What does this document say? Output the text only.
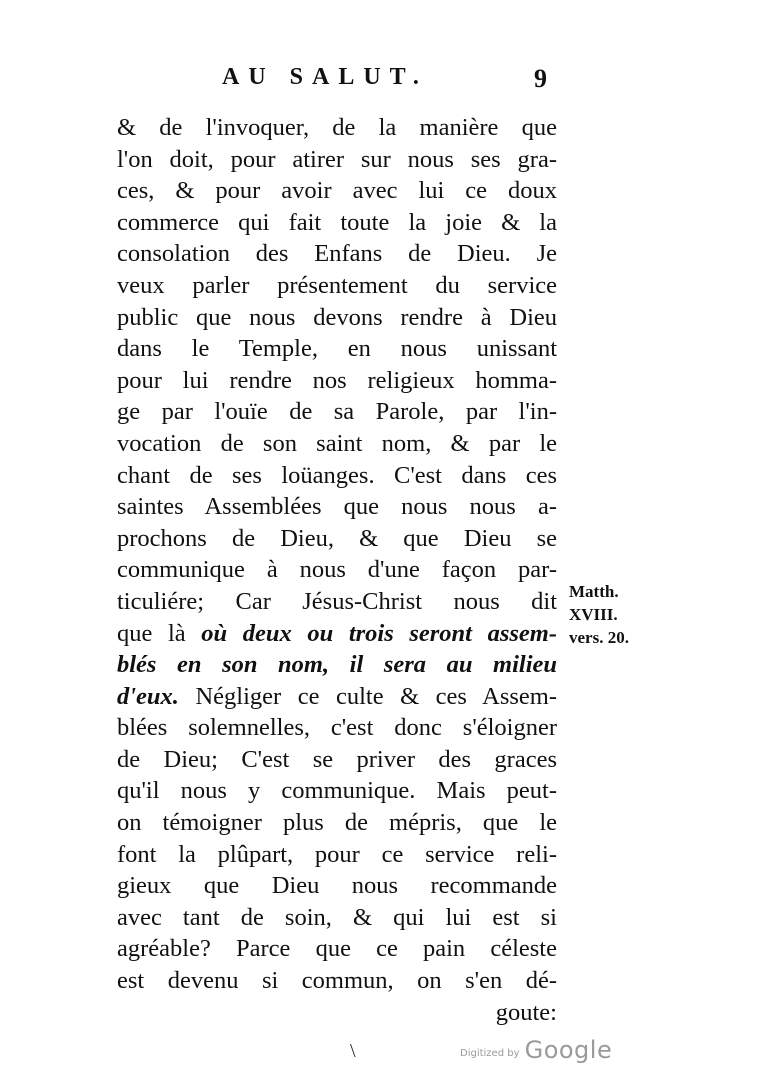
AU SALUT.	9
& de l'invoquer, de la manière que
l'on doit, pour atirer sur nous ses gra-
ces, & pour avoir avec lui ce doux
commerce qui fait toute la joie & la
consolation des Enfans de Dieu. Je
veux parler présentement du service
public que nous devons rendre à Dieu
dans le Temple, en nous unissant
pour lui rendre nos religieux homma-
ge par l'ouïe de sa Parole, par l'in-
vocation de son saint nom, & par le
chant de ses loüanges. C'est dans ces
saintes Assemblées que nous nous a-
prochons de Dieu, & que Dieu se
communique à nous d'une façon par-
ticuliére; Car Jésus-Christ nous dit
que là où deux ou trois seront assem-
blés en son nom, il sera au milieu
d'eux. Négliger ce culte & ces Assem-
blées solemnelles, c'est donc s'éloigner
de Dieu; C'est se priver des graces
qu'il nous y communique. Mais peut-
on témoigner plus de mépris, que le
font la plûpart, pour ce service reli-
gieux que Dieu nous recommande
avec tant de soin, & qui lui est si
agréable? Parce que ce pain céleste
est devenu si commun, on s'en dé-
goute:
Matth.
XVIII.
vers. 20.
\	Digitized by Google
